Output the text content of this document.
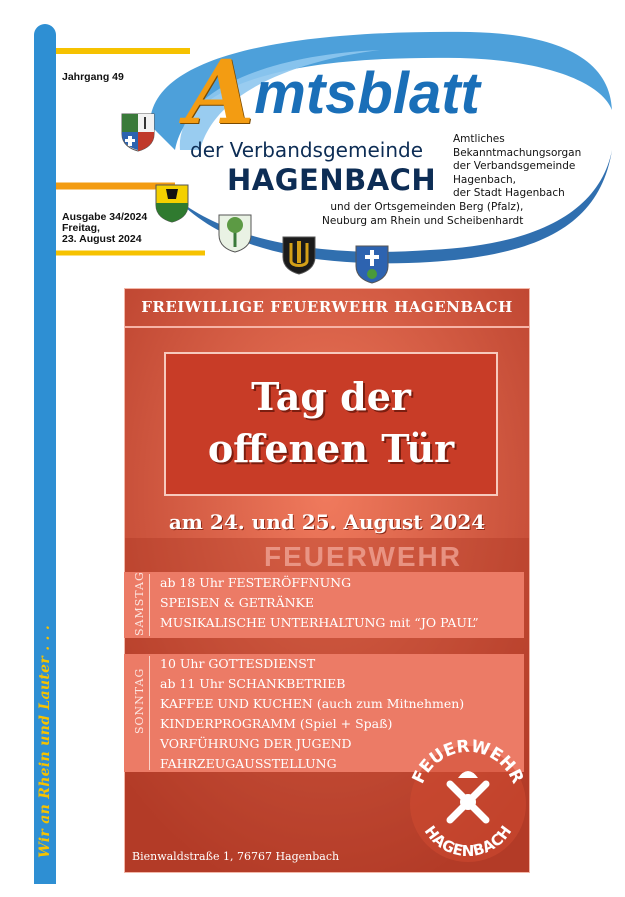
Wir an Rhein und Lauter . . .
Jahrgang 49
Ausgabe 34/2024
Freitag,
23. August 2024
Amtsblatt
der Verbandsgemeinde
HAGENBACH
Amtliches
Bekanntmachungsorgan
der Verbandsgemeinde
Hagenbach,
der Stadt Hagenbach
und der Ortsgemeinden Berg (Pfalz),
Neuburg am Rhein und Scheibenhardt
FREIWILLIGE FEUERWEHR HAGENBACH
Tag der
offenen Tür
am 24. und 25. August 2024
FEUERWEHR
SAMSTAG ab 18 Uhr FESTERÖFFNUNG
SPEISEN & GETRÄNKE
MUSIKALISCHE UNTERHALTUNG mit “JO PAUL”
SONNTAG
10 Uhr GOTTESDIENST
ab 11 Uhr SCHANKBETRIEB
KAFFEE UND KUCHEN (auch zum Mitnehmen)
KINDERPROGRAMM (Spiel + Spaß)
VORFÜHRUNG DER JUGEND
FAHRZEUGAUSSTELLUNG
FEUERWEHR
HAGENBACH
Bienwaldstraße 1, 76767 Hagenbach
